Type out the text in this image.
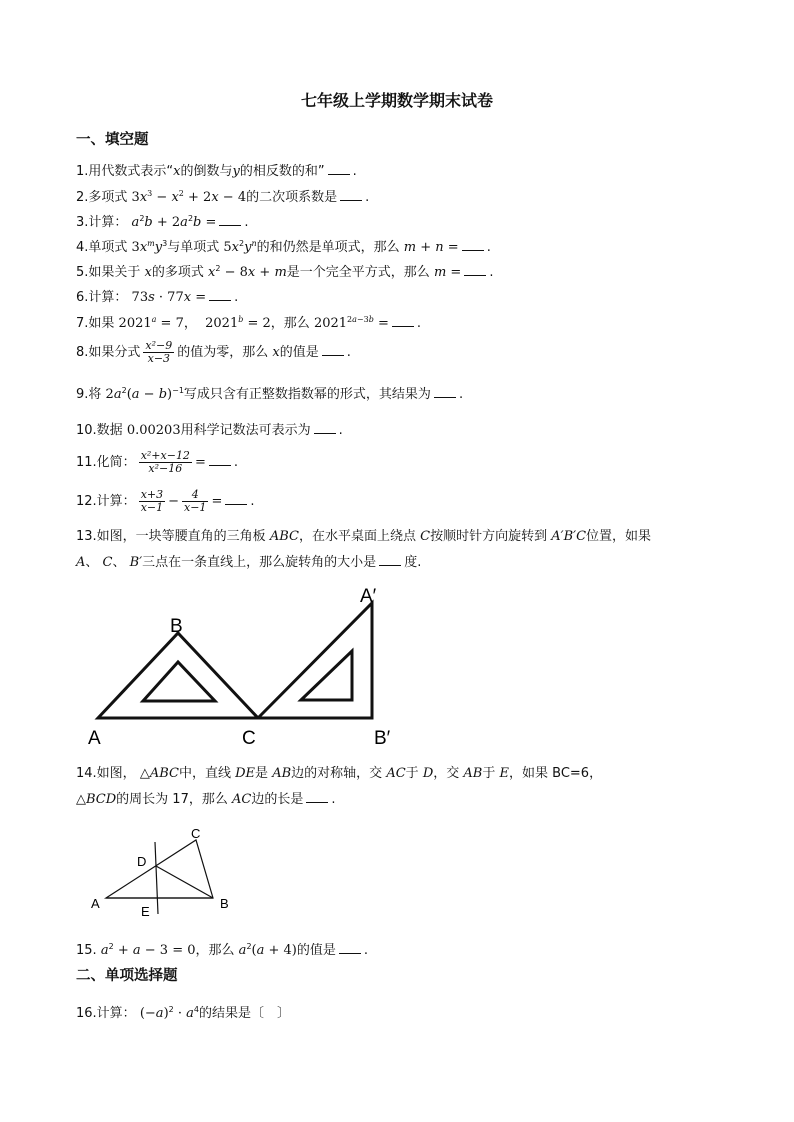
七年级上学期数学期末试卷
一、填空题
1.用代数式表示“x的倒数与y的相反数的和” .
2.多项式 $3x^3 - x^2 + 2x - 4$的二次项系数是 .
3.计算： $a^2b + 2a^2b$ = .
4.单项式 $3x^my^3$与单项式 $5x^2y^n$的和仍然是单项式，那么 m + n = .
5.如果关于 x的多项式 $x^2 - 8x + m$是一个完全平方式，那么 m = .
6.计算： 73s · 77x = .
7.如果 $2021^a = 7$， $2021^b = 2$，那么 $2021^{2a-3b}$ = .
8.如果分式 $\frac{\text{x²−9}}{x-3}$ 的值为零，那么 x的值是 .
9.将 $2a^2(a - b)^{-1}$写成只含有正整数指数幂的形式，其结果为 .
10.数据 0.00203用科学记数法可表示为 .
11.化简： $\frac{\text{x²+x−12}}{\text{x²−16}}$ = .
12.计算： $\frac{x+3}{x-1} - \frac{4}{x-1}$ = .
13.如图，一块等腰直角的三角板 ABC，在水平桌面上绕点 C按顺时针方向旋转到 A′B′C位置，如果
A、 C、 B′三点在一条直线上，那么旋转角的大小是 度.
A
B
C
A′
B′
14.如图， △ABC中，直线 DE是 AB边的对称轴，交 AC于 D，交 AB于 E，如果 BC=6，
△BCD的周长为 17，那么 AC边的长是 .
A	B
C
D
E
15. $a^2 + a - 3 = 0$，那么 $a^2(a + 4)$的值是 .
二、单项选择题
16.计算： $(-a)^2 \cdot a^4$的结果是〔　〕
